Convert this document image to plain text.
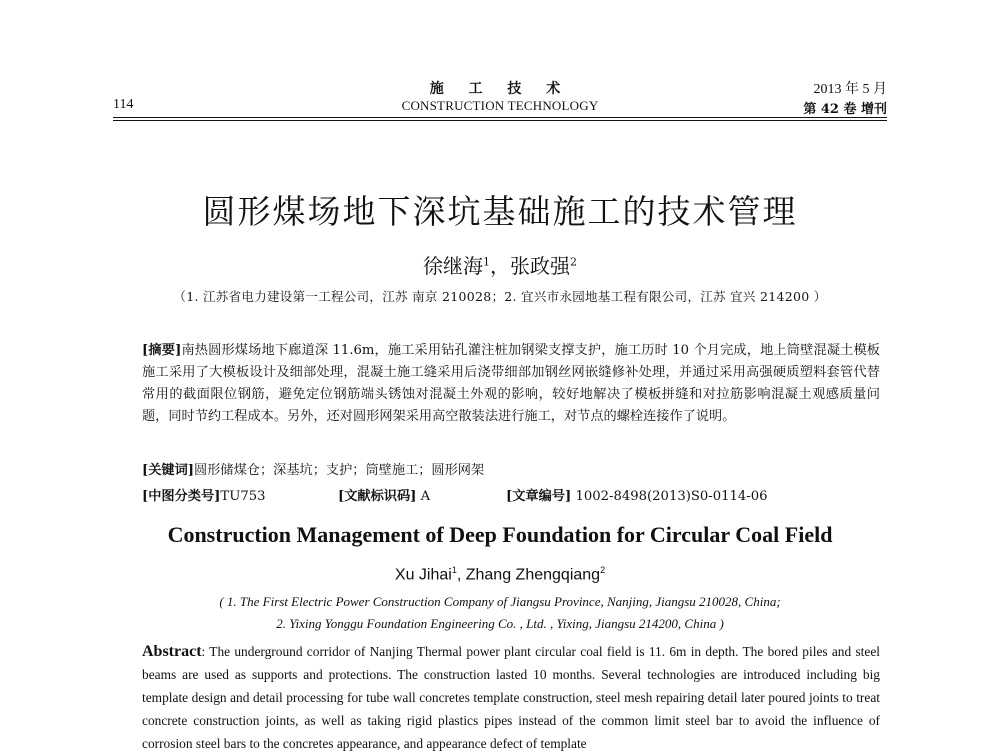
施 工 技 术
CONSTRUCTION TECHNOLOGY
114
2013 年 5 月
第 42 卷 增刊
圆形煤场地下深坑基础施工的技术管理
徐继海$^1$，张政强$^2$
（1. 江苏省电力建设第一工程公司，江苏 南京 210028；2. 宜兴市永园地基工程有限公司，江苏 宜兴 214200 ）
[摘要]南热圆形煤场地下廊道深 11.6m，施工采用钻孔灌注桩加钢梁支撑支护，施工历时 10 个月完成，地上筒壁混凝土模板施工采用了大模板设计及细部处理，混凝土施工缝采用后浇带细部加钢丝网嵌缝修补处理，并通过采用高强硬质塑料套管代替常用的截面限位钢筋，避免定位钢筋端头锈蚀对混凝土外观的影响，较好地解决了模板拼缝和对拉筋影响混凝土观感质量问题，同时节约工程成本。另外，还对圆形网架采用高空散装法进行施工，对节点的螺栓连接作了说明。
[关键词]圆形储煤仓；深基坑；支护；筒壁施工；圆形网架
[中图分类号]TU753	[文献标识码] A	[文章编号] 1002-8498(2013)S0-0114-06
Construction Management of Deep Foundation for Circular Coal Field
Xu Jihai$^1$, Zhang Zhengqiang$^2$
( 1. The First Electric Power Construction Company of Jiangsu Province, Nanjing, Jiangsu 210028, China;
2. Yixing Yonggu Foundation Engineering Co. , Ltd. , Yixing, Jiangsu 214200, China )
Abstract: The underground corridor of Nanjing Thermal power plant circular coal field is 11. 6m in depth. The bored piles and steel beams are used as supports and protections. The construction lasted 10 months. Several technologies are introduced including big template design and detail processing for tube wall concretes template construction, steel mesh repairing detail later poured joints to treat concrete construction joints, as well as taking rigid plastics pipes instead of the common limit steel bar to avoid the influence of corrosion steel bars to the concretes appearance, and appearance defect of template
